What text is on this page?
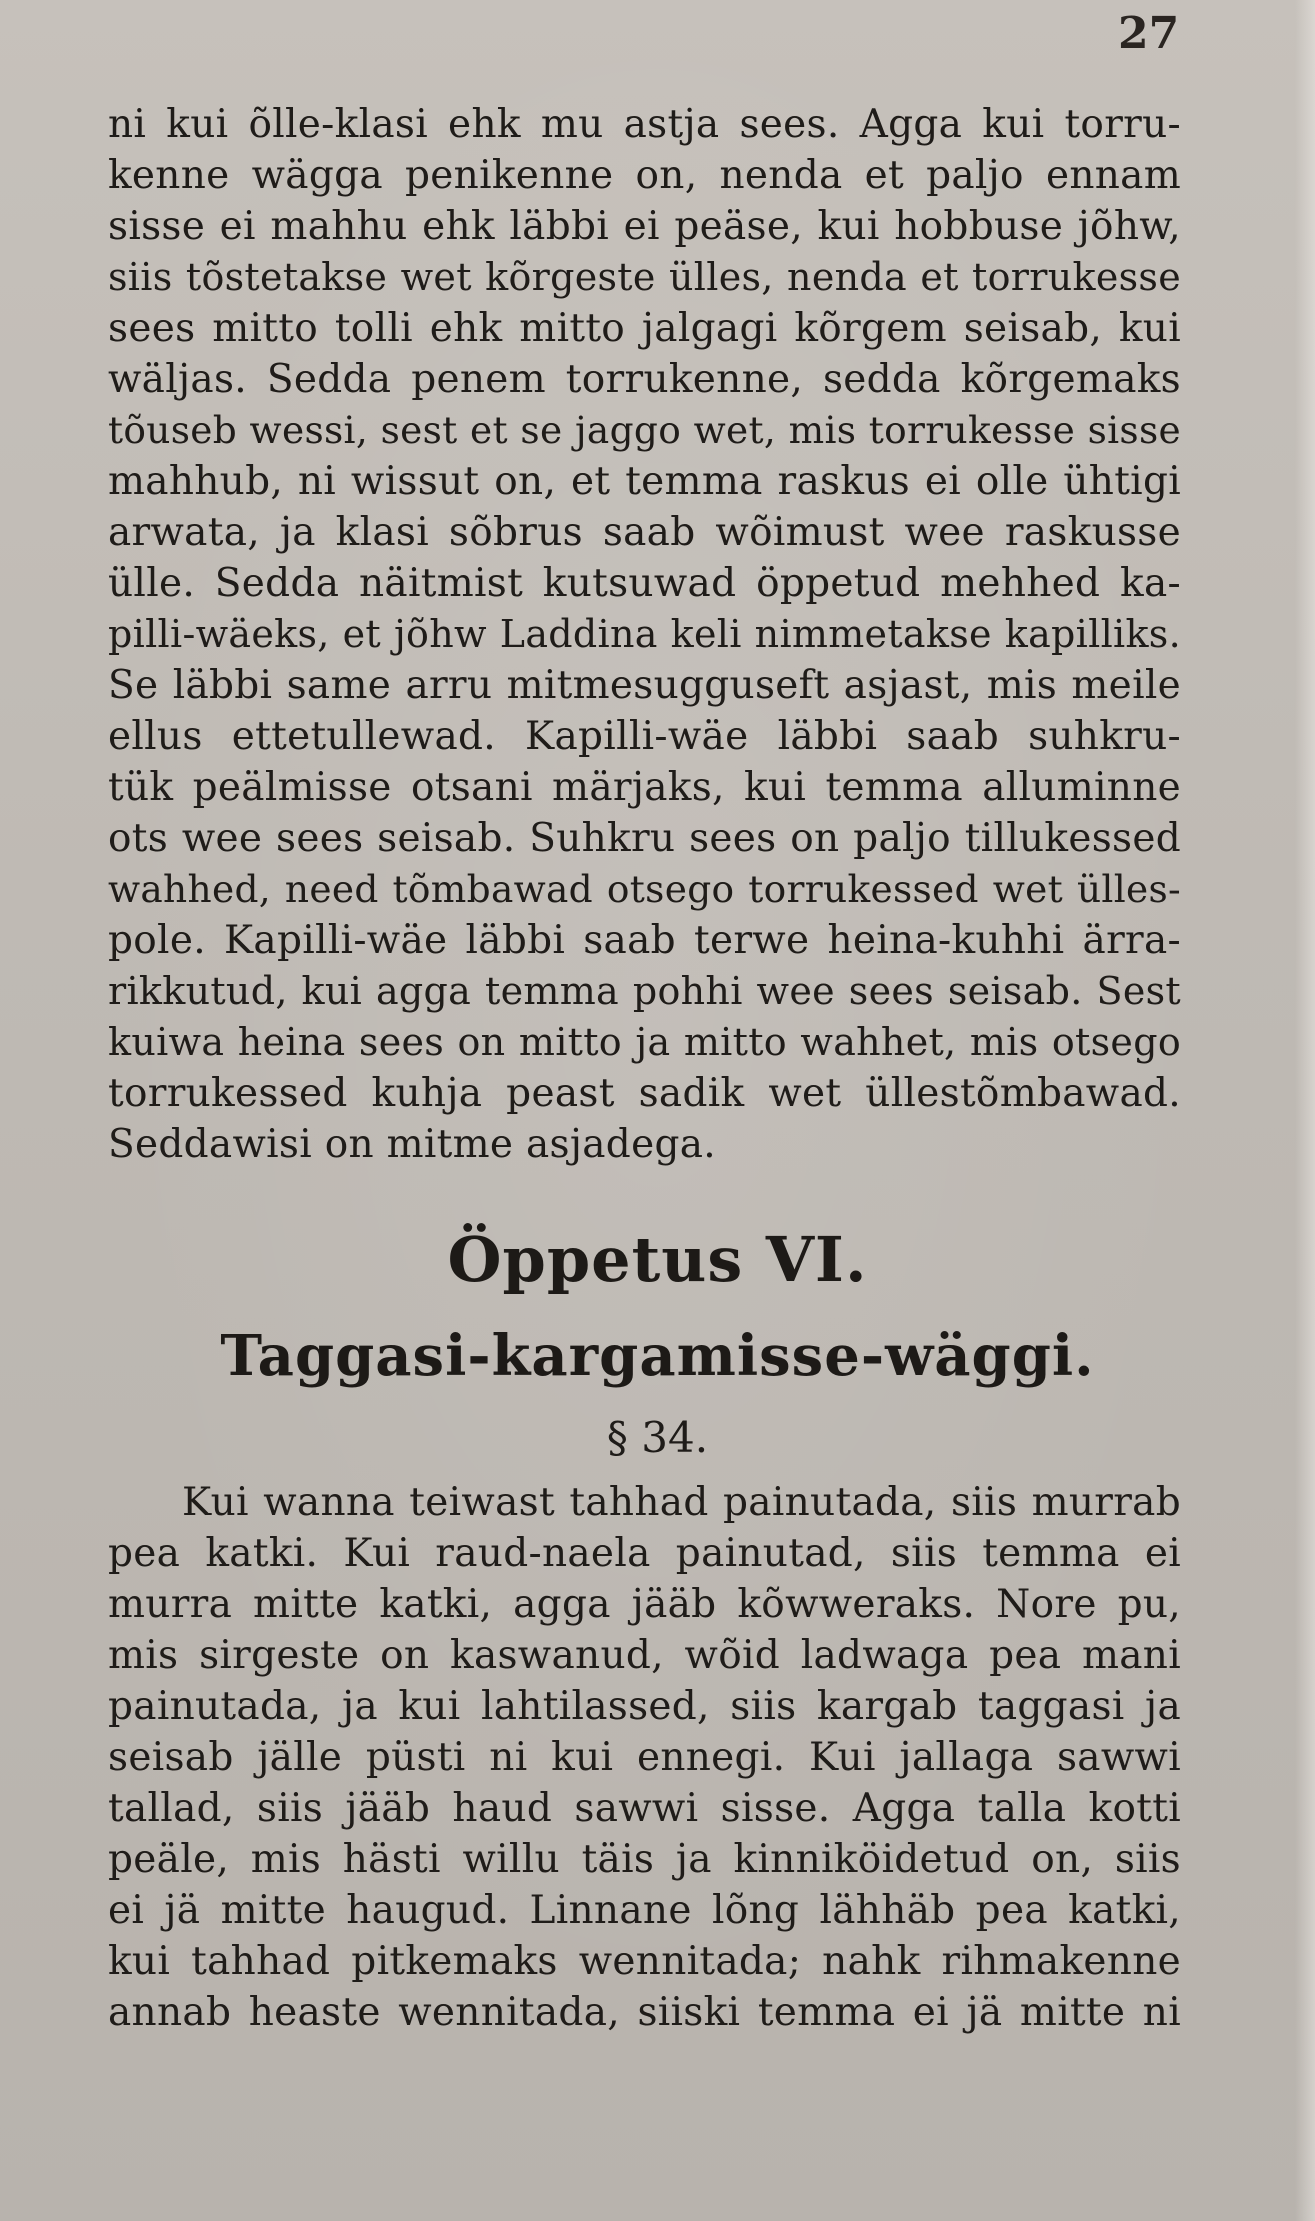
27
ni kui õlle-klasi ehk mu astja sees. Agga kui torru-
kenne wägga penikenne on, nenda et paljo ennam
sisse ei mahhu ehk läbbi ei peäse, kui hobbuse jõhw,
siis tõstetakse wet kõrgeste ülles, nenda et torrukesse
sees mitto tolli ehk mitto jalgagi kõrgem seisab, kui
wäljas. Sedda penem torrukenne, sedda kõrgemaks
tõuseb wessi, sest et se jaggo wet, mis torrukesse sisse
mahhub, ni wissut on, et temma raskus ei olle ühtigi
arwata, ja klasi sõbrus saab wõimust wee raskusse
ülle. Sedda näitmist kutsuwad öppetud mehhed ka-
pilli-wäeks, et jõhw Laddina keli nimmetakse kapilliks.
Se läbbi same arru mitmesugguseft asjast, mis meile
ellus ettetullewad. Kapilli-wäe läbbi saab suhkru-
tük peälmisse otsani märjaks, kui temma alluminne
ots wee sees seisab. Suhkru sees on paljo tillukessed
wahhed, need tõmbawad otsego torrukessed wet ülles-
pole. Kapilli-wäe läbbi saab terwe heina-kuhhi ärra-
rikkutud, kui agga temma pohhi wee sees seisab. Sest
kuiwa heina sees on mitto ja mitto wahhet, mis otsego
torrukessed kuhja peast sadik wet üllestõmbawad.
Seddawisi on mitme asjadega.
Öppetus VI.
Taggasi-kargamisse-wäggi.
§ 34.
Kui wanna teiwast tahhad painutada, siis murrab
pea katki. Kui raud-naela painutad, siis temma ei
murra mitte katki, agga jääb kõwweraks. Nore pu,
mis sirgeste on kaswanud, wõid ladwaga pea mani
painutada, ja kui lahtilassed, siis kargab taggasi ja
seisab jälle püsti ni kui ennegi. Kui jallaga sawwi
tallad, siis jääb haud sawwi sisse. Agga talla kotti
peäle, mis hästi willu täis ja kinniköidetud on, siis
ei jä mitte haugud. Linnane lõng lähhäb pea katki,
kui tahhad pitkemaks wennitada; nahk rihmakenne
annab heaste wennitada, siiski temma ei jä mitte ni
